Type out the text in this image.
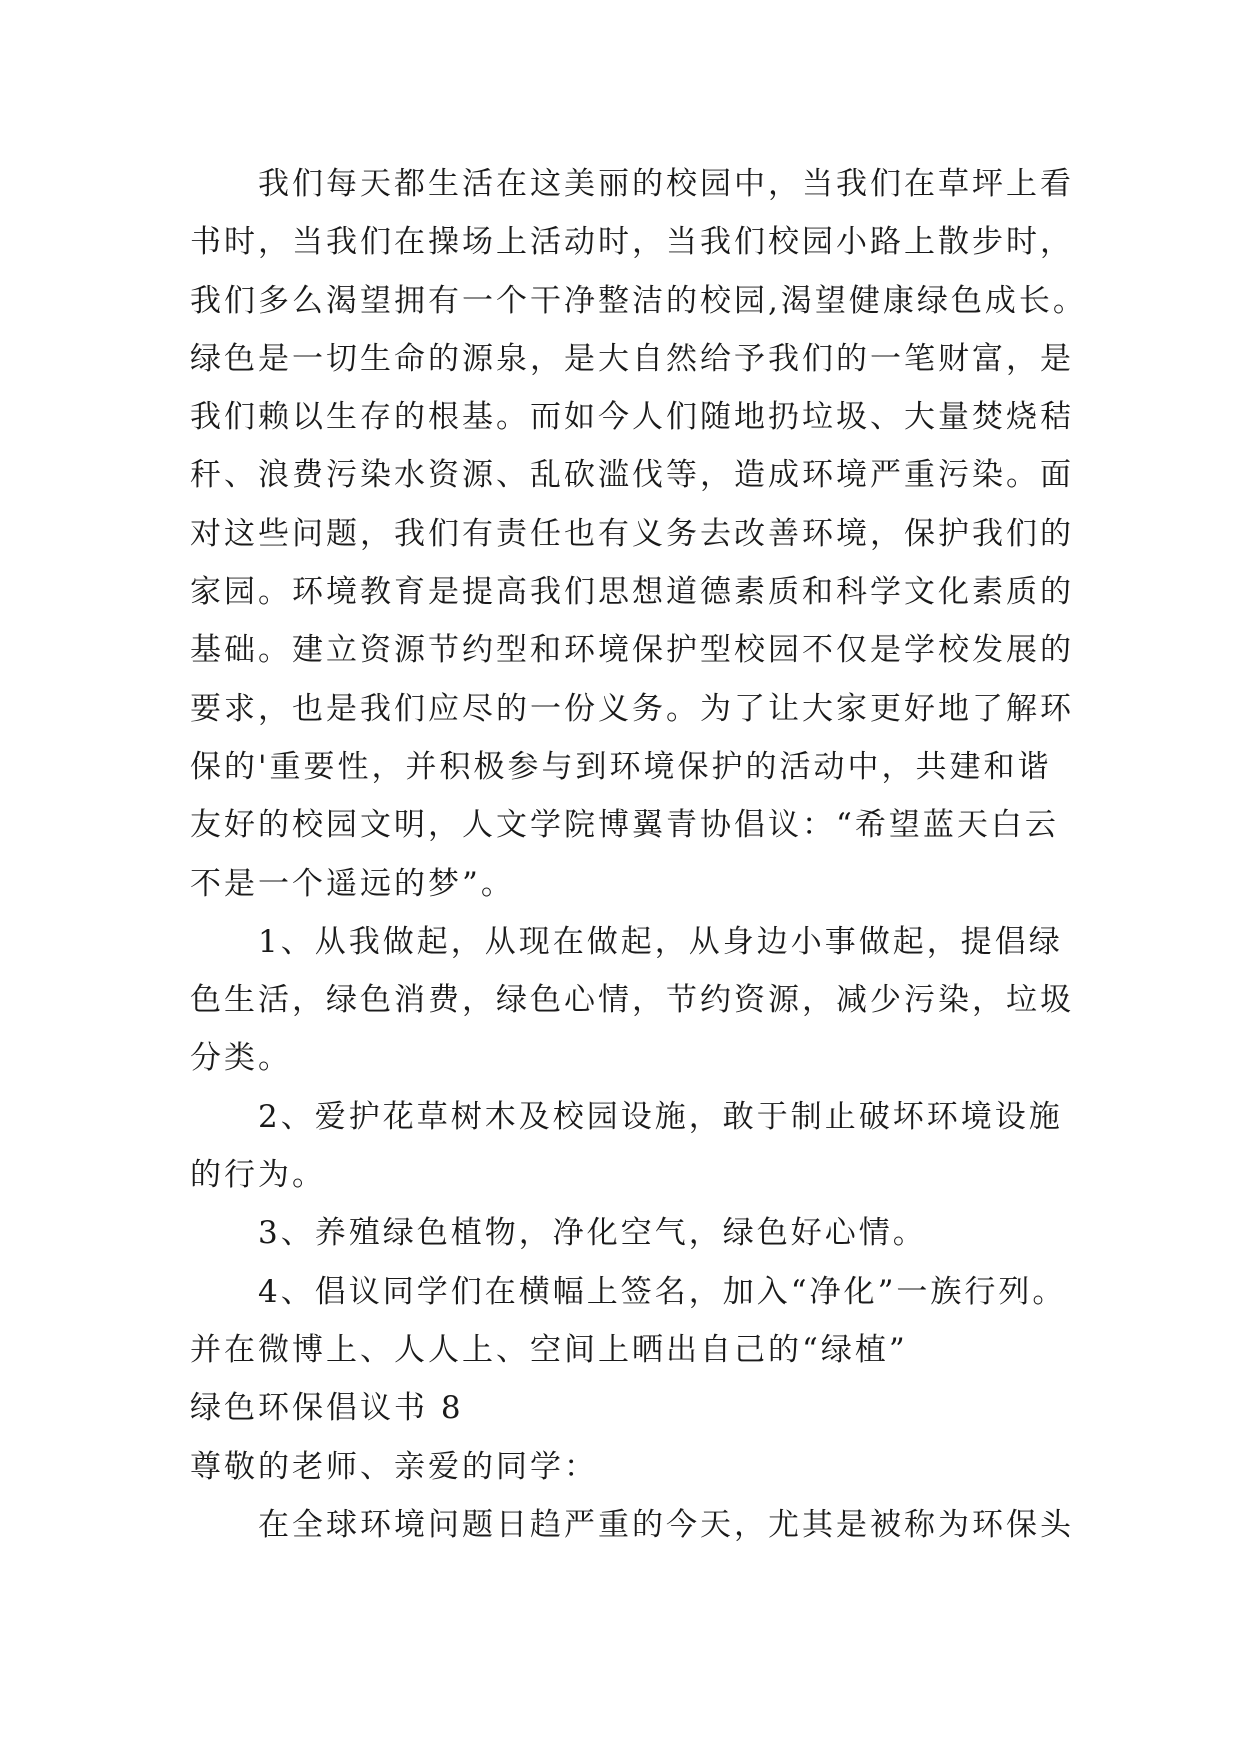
我们每天都生活在这美丽的校园中，当我们在草坪上看
书时，当我们在操场上活动时，当我们校园小路上散步时，
我们多么渴望拥有一个干净整洁的校园,渴望健康绿色成长。
绿色是一切生命的源泉，是大自然给予我们的一笔财富，是
我们赖以生存的根基。而如今人们随地扔垃圾、大量焚烧秸
秆、浪费污染水资源、乱砍滥伐等，造成环境严重污染。面
对这些问题，我们有责任也有义务去改善环境，保护我们的
家园。环境教育是提高我们思想道德素质和科学文化素质的
基础。建立资源节约型和环境保护型校园不仅是学校发展的
要求，也是我们应尽的一份义务。为了让大家更好地了解环
保的'重要性，并积极参与到环境保护的活动中，共建和谐
友好的校园文明，人文学院博翼青协倡议：“希望蓝天白云
不是一个遥远的梦”。
1、从我做起，从现在做起，从身边小事做起，提倡绿
色生活，绿色消费，绿色心情，节约资源，减少污染，垃圾
分类。
2、爱护花草树木及校园设施，敢于制止破坏环境设施
的行为。
3、养殖绿色植物，净化空气，绿色好心情。
4、倡议同学们在横幅上签名，加入“净化”一族行列。
并在微博上、人人上、空间上晒出自己的“绿植”
绿色环保倡议书 8
尊敬的老师、亲爱的同学：
在全球环境问题日趋严重的今天，尤其是被称为环保头
